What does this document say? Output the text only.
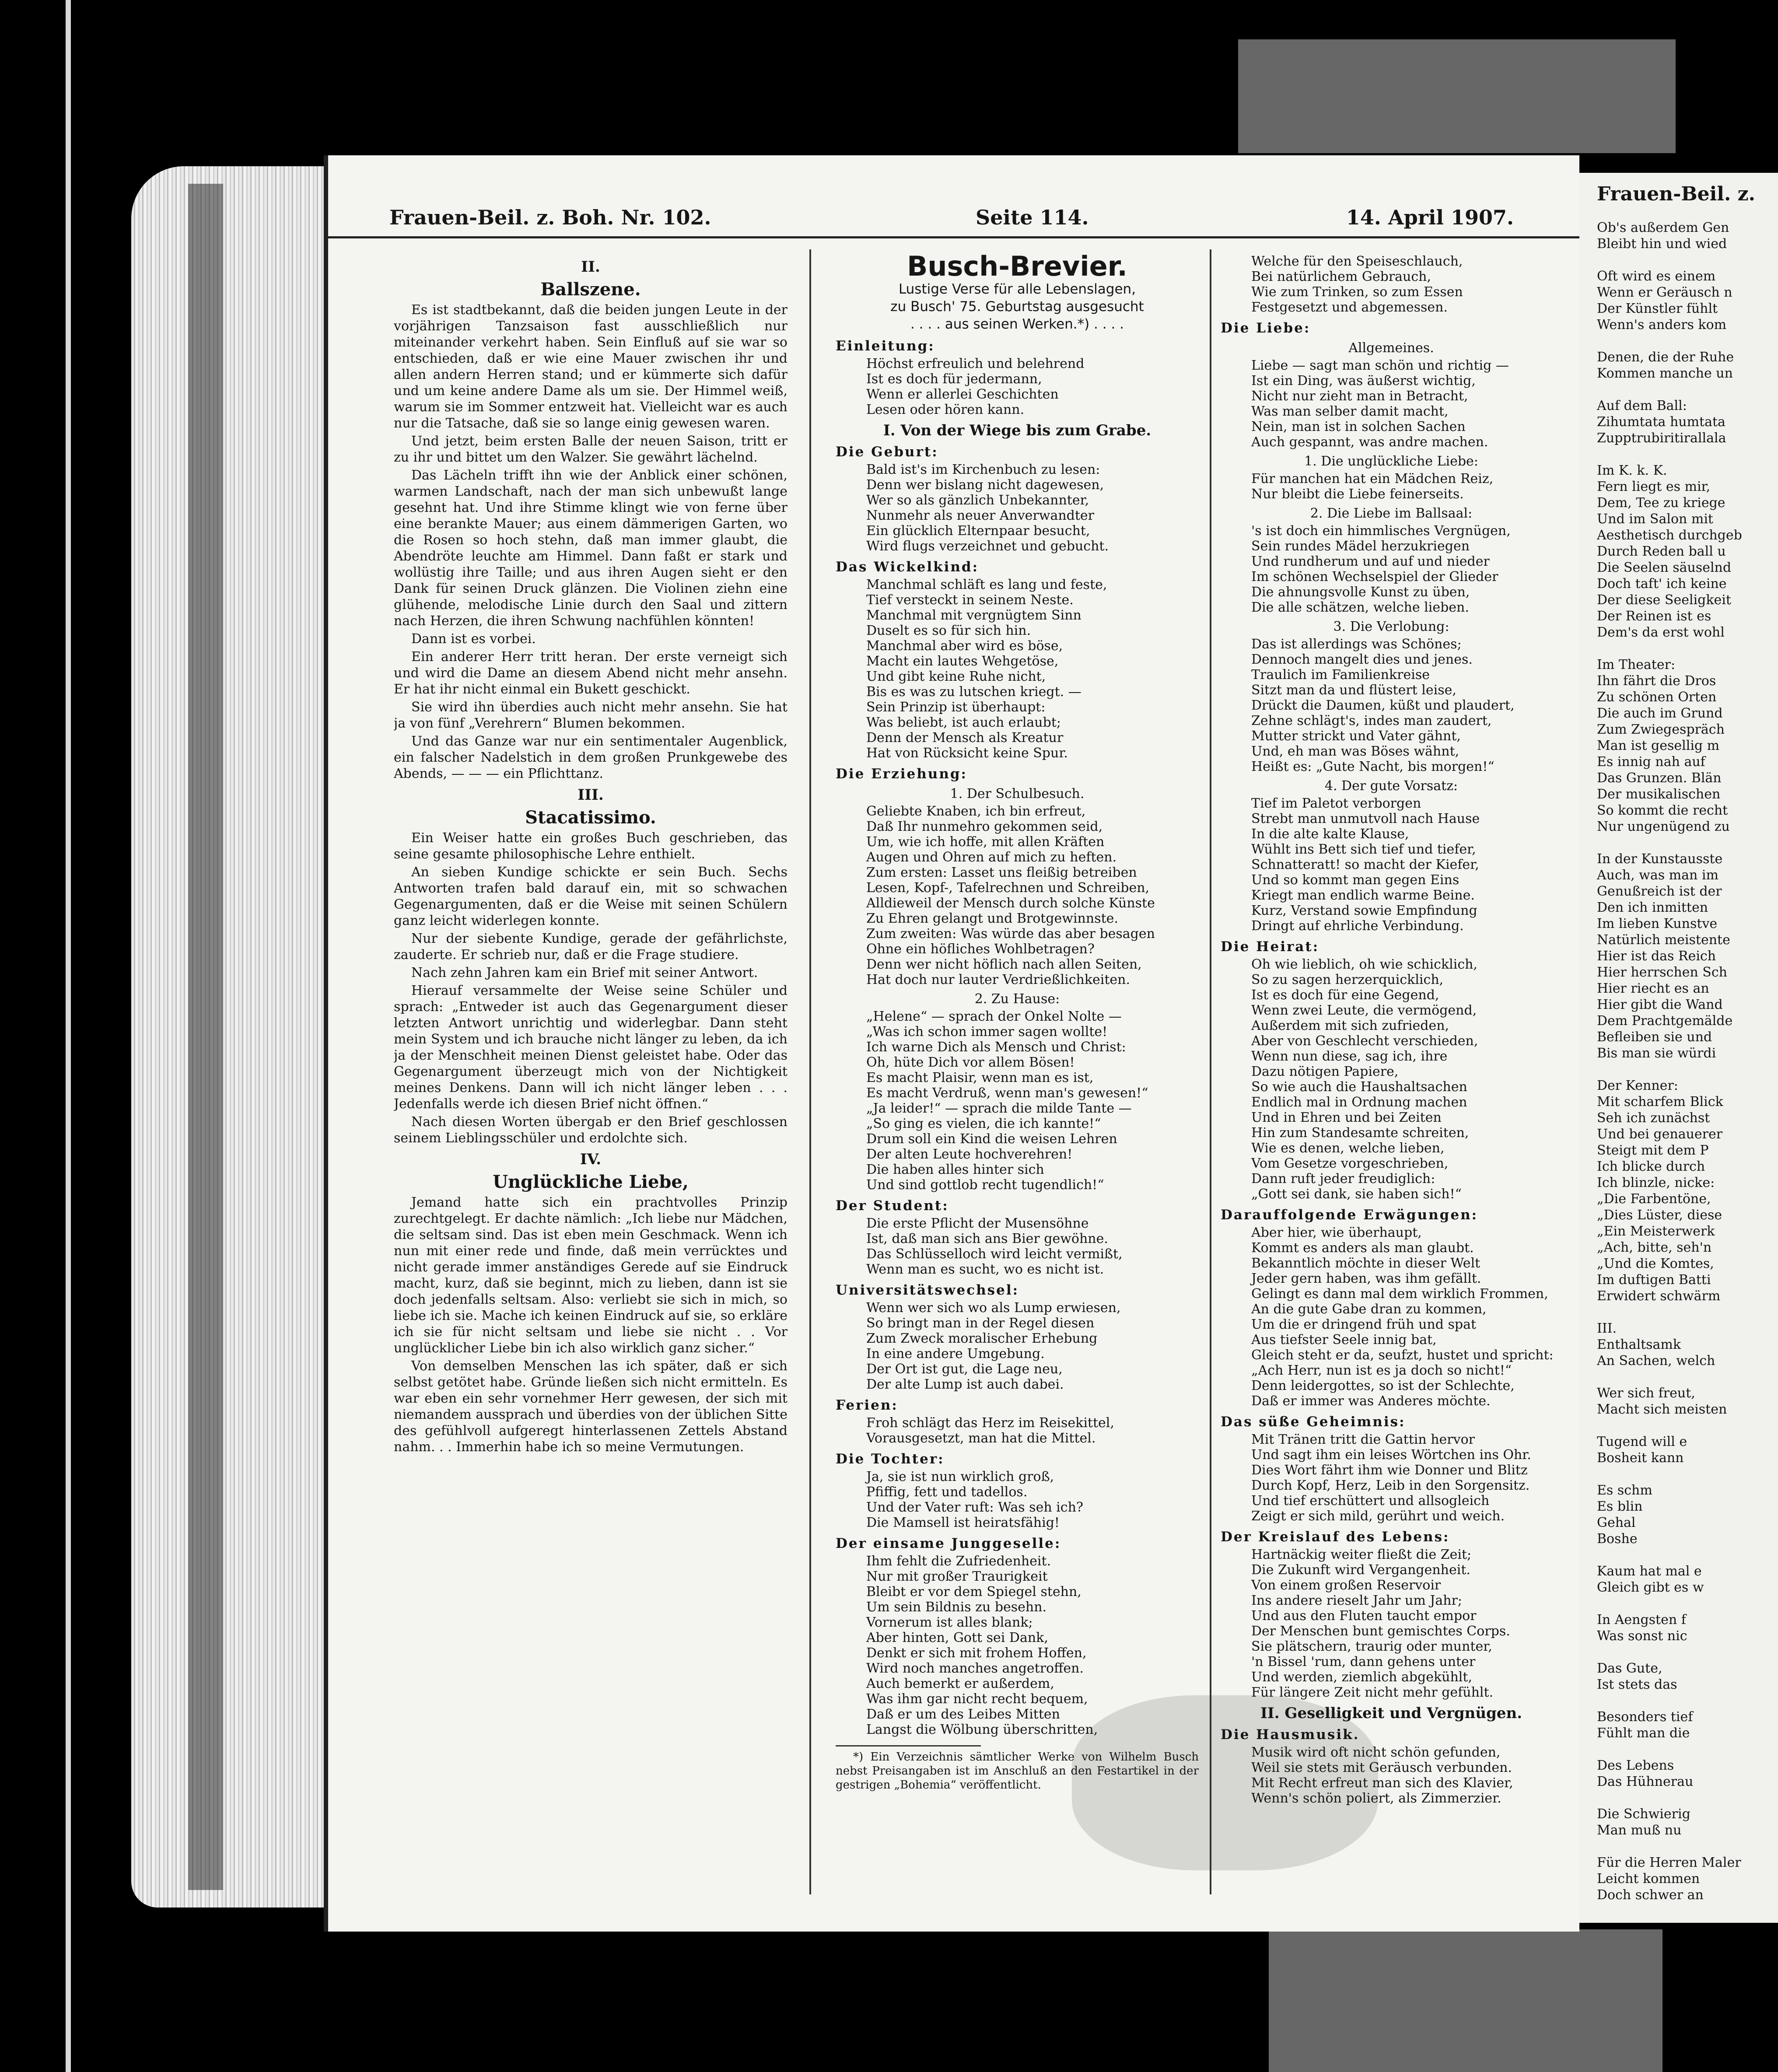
Frauen-Beil. z. Boh. Nr. 102.	Seite 114.	14. April 1907.
II.
Ballszene.

Es ist stadtbekannt, daß die beiden jungen Leute in der vorjährigen Tanzsaison fast ausschließlich nur miteinander verkehrt haben. Sein Einfluß auf sie war so entschieden, daß er wie eine Mauer zwischen ihr und allen andern Herren stand; und er kümmerte sich dafür und um keine andere Dame als um sie. Der Himmel weiß, warum sie im Sommer entzweit hat. Vielleicht war es auch nur die Tatsache, daß sie so lange einig gewesen waren.

Und jetzt, beim ersten Balle der neuen Saison, tritt er zu ihr und bittet um den Walzer. Sie gewährt lächelnd.

Das Lächeln trifft ihn wie der Anblick einer schönen, warmen Landschaft, nach der man sich unbewußt lange gesehnt hat. Und ihre Stimme klingt wie von ferne über eine berankte Mauer; aus einem dämmerigen Garten, wo die Rosen so hoch stehn, daß man immer glaubt, die Abendröte leuchte am Himmel. Dann faßt er stark und wollüstig ihre Taille; und aus ihren Augen sieht er den Dank für seinen Druck glänzen. Die Violinen ziehn eine glühende, melodische Linie durch den Saal und zittern nach Herzen, die ihren Schwung nachfühlen könnten!

Dann ist es vorbei.

Ein anderer Herr tritt heran. Der erste verneigt sich und wird die Dame an diesem Abend nicht mehr ansehn. Er hat ihr nicht einmal ein Bukett geschickt.

Sie wird ihn überdies auch nicht mehr ansehn. Sie hat ja von fünf „Verehrern“ Blumen bekommen.

Und das Ganze war nur ein sentimentaler Augenblick, ein falscher Nadelstich in dem großen Prunkgewebe des Abends, — — — ein Pflichttanz.

III.
Stacatissimo.

Ein Weiser hatte ein großes Buch geschrieben, das seine gesamte philosophische Lehre enthielt.

An sieben Kundige schickte er sein Buch. Sechs Antworten trafen bald darauf ein, mit so schwachen Gegenargumenten, daß er die Weise mit seinen Schülern ganz leicht widerlegen konnte.

Nur der siebente Kundige, gerade der gefährlichste, zauderte. Er schrieb nur, daß er die Frage studiere.

Nach zehn Jahren kam ein Brief mit seiner Antwort.

Hierauf versammelte der Weise seine Schüler und sprach: „Entweder ist auch das Gegenargument dieser letzten Antwort unrichtig und widerlegbar. Dann steht mein System und ich brauche nicht länger zu leben, da ich ja der Menschheit meinen Dienst geleistet habe. Oder das Gegenargument überzeugt mich von der Nichtigkeit meines Denkens. Dann will ich nicht länger leben . . . Jedenfalls werde ich diesen Brief nicht öffnen.“

Nach diesen Worten übergab er den Brief geschlossen seinem Lieblingsschüler und erdolchte sich.

IV.
Unglückliche Liebe,

Jemand hatte sich ein prachtvolles Prinzip zurechtgelegt. Er dachte nämlich: „Ich liebe nur Mädchen, die seltsam sind. Das ist eben mein Geschmack. Wenn ich nun mit einer rede und finde, daß mein verrücktes und nicht gerade immer anständiges Gerede auf sie Eindruck macht, kurz, daß sie beginnt, mich zu lieben, dann ist sie doch jedenfalls seltsam. Also: verliebt sie sich in mich, so liebe ich sie. Mache ich keinen Eindruck auf sie, so erkläre ich sie für nicht seltsam und liebe sie nicht . . Vor unglücklicher Liebe bin ich also wirklich ganz sicher.“

Von demselben Menschen las ich später, daß er sich selbst getötet habe. Gründe ließen sich nicht ermitteln. Es war eben ein sehr vornehmer Herr gewesen, der sich mit niemandem aussprach und überdies von der üblichen Sitte des gefühlvoll aufgeregt hinterlassenen Zettels Abstand nahm. . . Immerhin habe ich so meine Vermutungen.

Busch-Brevier.
Lustige Verse für alle Lebenslagen,
zu Busch' 75. Geburtstag ausgesucht
. . . . aus seinen Werken.*) . . . .
Einleitung:
Höchst erfreulich und belehrend
Ist es doch für jedermann,
Wenn er allerlei Geschichten
Lesen oder hören kann.
I. Von der Wiege bis zum Grabe.
Die Geburt:
Bald ist's im Kirchenbuch zu lesen:
Denn wer bislang nicht dagewesen,
Wer so als gänzlich Unbekannter,
Nunmehr als neuer Anverwandter
Ein glücklich Elternpaar besucht,
Wird flugs verzeichnet und gebucht.
Das Wickelkind:
Manchmal schläft es lang und feste,
Tief versteckt in seinem Neste.
Manchmal mit vergnügtem Sinn
Duselt es so für sich hin.
Manchmal aber wird es böse,
Macht ein lautes Wehgetöse,
Und gibt keine Ruhe nicht,
Bis es was zu lutschen kriegt. —
Sein Prinzip ist überhaupt:
Was beliebt, ist auch erlaubt;
Denn der Mensch als Kreatur
Hat von Rücksicht keine Spur.
Die Erziehung:
1. Der Schulbesuch.
Geliebte Knaben, ich bin erfreut,
Daß Ihr nunmehro gekommen seid,
Um, wie ich hoffe, mit allen Kräften
Augen und Ohren auf mich zu heften.
Zum ersten: Lasset uns fleißig betreiben
Lesen, Kopf-, Tafelrechnen und Schreiben,
Alldieweil der Mensch durch solche Künste
Zu Ehren gelangt und Brotgewinnste.
Zum zweiten: Was würde das aber besagen
Ohne ein höfliches Wohlbetragen?
Denn wer nicht höflich nach allen Seiten,
Hat doch nur lauter Verdrießlichkeiten.
2. Zu Hause:
„Helene“ — sprach der Onkel Nolte —
„Was ich schon immer sagen wollte!
Ich warne Dich als Mensch und Christ:
Oh, hüte Dich vor allem Bösen!
Es macht Plaisir, wenn man es ist,
Es macht Verdruß, wenn man's gewesen!“
„Ja leider!“ — sprach die milde Tante —
„So ging es vielen, die ich kannte!“
Drum soll ein Kind die weisen Lehren
Der alten Leute hochverehren!
Die haben alles hinter sich
Und sind gottlob recht tugendlich!“
Der Student:
Die erste Pflicht der Musensöhne
Ist, daß man sich ans Bier gewöhne.
Das Schlüsselloch wird leicht vermißt,
Wenn man es sucht, wo es nicht ist.
Universitätswechsel:
Wenn wer sich wo als Lump erwiesen,
So bringt man in der Regel diesen
Zum Zweck moralischer Erhebung
In eine andere Umgebung.
Der Ort ist gut, die Lage neu,
Der alte Lump ist auch dabei.
Ferien:
Froh schlägt das Herz im Reisekittel,
Vorausgesetzt, man hat die Mittel.
Die Tochter:
Ja, sie ist nun wirklich groß,
Pfiffig, fett und tadellos.
Und der Vater ruft: Was seh ich?
Die Mamsell ist heiratsfähig!
Der einsame Junggeselle:
Ihm fehlt die Zufriedenheit.
Nur mit großer Traurigkeit
Bleibt er vor dem Spiegel stehn,
Um sein Bildnis zu besehn.
Vornerum ist alles blank;
Aber hinten, Gott sei Dank,
Denkt er sich mit frohem Hoffen,
Wird noch manches angetroffen.
Auch bemerkt er außerdem,
Was ihm gar nicht recht bequem,
Daß er um des Leibes Mitten
Langst die Wölbung überschritten,
*) Ein Verzeichnis sämtlicher Werke von Wilhelm Busch nebst Preisangaben ist im Anschluß an den Festartikel in der gestrigen „Bohemia“ veröffentlicht.
Welche für den Speiseschlauch,
Bei natürlichem Gebrauch,
Wie zum Trinken, so zum Essen
Festgesetzt und abgemessen.
Die Liebe:
Allgemeines.
Liebe — sagt man schön und richtig —
Ist ein Ding, was äußerst wichtig,
Nicht nur zieht man in Betracht,
Was man selber damit macht,
Nein, man ist in solchen Sachen
Auch gespannt, was andre machen.
1. Die unglückliche Liebe:
Für manchen hat ein Mädchen Reiz,
Nur bleibt die Liebe feinerseits.
2. Die Liebe im Ballsaal:
's ist doch ein himmlisches Vergnügen,
Sein rundes Mädel herzukriegen
Und rundherum und auf und nieder
Im schönen Wechselspiel der Glieder
Die ahnungsvolle Kunst zu üben,
Die alle schätzen, welche lieben.
3. Die Verlobung:
Das ist allerdings was Schönes;
Dennoch mangelt dies und jenes.
Traulich im Familienkreise
Sitzt man da und flüstert leise,
Drückt die Daumen, küßt und plaudert,
Zehne schlägt's, indes man zaudert,
Mutter strickt und Vater gähnt,
Und, eh man was Böses wähnt,
Heißt es: „Gute Nacht, bis morgen!“
4. Der gute Vorsatz:
Tief im Paletot verborgen
Strebt man unmutvoll nach Hause
In die alte kalte Klause,
Wühlt ins Bett sich tief und tiefer,
Schnatteratt! so macht der Kiefer,
Und so kommt man gegen Eins
Kriegt man endlich warme Beine.
Kurz, Verstand sowie Empfindung
Dringt auf ehrliche Verbindung.
Die Heirat:
Oh wie lieblich, oh wie schicklich,
So zu sagen herzerquicklich,
Ist es doch für eine Gegend,
Wenn zwei Leute, die vermögend,
Außerdem mit sich zufrieden,
Aber von Geschlecht verschieden,
Wenn nun diese, sag ich, ihre
Dazu nötigen Papiere,
So wie auch die Haushaltsachen
Endlich mal in Ordnung machen
Und in Ehren und bei Zeiten
Hin zum Standesamte schreiten,
Wie es denen, welche lieben,
Vom Gesetze vorgeschrieben,
Dann ruft jeder freudiglich:
„Gott sei dank, sie haben sich!“
Darauffolgende Erwägungen:
Aber hier, wie überhaupt,
Kommt es anders als man glaubt.
Bekanntlich möchte in dieser Welt
Jeder gern haben, was ihm gefällt.
Gelingt es dann mal dem wirklich Frommen,
An die gute Gabe dran zu kommen,
Um die er dringend früh und spat
Aus tiefster Seele innig bat,
Gleich steht er da, seufzt, hustet und spricht:
„Ach Herr, nun ist es ja doch so nicht!“
Denn leidergottes, so ist der Schlechte,
Daß er immer was Anderes möchte.
Das süße Geheimnis:
Mit Tränen tritt die Gattin hervor
Und sagt ihm ein leises Wörtchen ins Ohr.
Dies Wort fährt ihm wie Donner und Blitz
Durch Kopf, Herz, Leib in den Sorgensitz.
Und tief erschüttert und allsogleich
Zeigt er sich mild, gerührt und weich.
Der Kreislauf des Lebens:
Hartnäckig weiter fließt die Zeit;
Die Zukunft wird Vergangenheit.
Von einem großen Reservoir
Ins andere rieselt Jahr um Jahr;
Und aus den Fluten taucht empor
Der Menschen bunt gemischtes Corps.
Sie plätschern, traurig oder munter,
'n Bissel 'rum, dann gehens unter
Und werden, ziemlich abgekühlt,
Für längere Zeit nicht mehr gefühlt.
II. Geselligkeit und Vergnügen.
Die Hausmusik.
Musik wird oft nicht schön gefunden,
Weil sie stets mit Geräusch verbunden.
Mit Recht erfreut man sich des Klavier,
Wenn's schön poliert, als Zimmerzier.
Frauen-Beil. z.
Ob's außerdem Gen
Bleibt hin und wied

Oft wird es einem
Wenn er Geräusch n
Der Künstler fühlt
Wenn's anders kom

Denen, die der Ruhe
Kommen manche un

Auf dem Ball:
Zihumtata humtata
Zupptrubiritirallala

Im K. k. K.
Fern liegt es mir,
Dem, Tee zu kriege
Und im Salon mit
Aesthetisch durchgeb
Durch Reden ball u
Die Seelen säuselnd
Doch taft' ich keine
Der diese Seeligkeit
Der Reinen ist es
Dem's da erst wohl

Im Theater:
Ihn fährt die Dros
Zu schönen Orten
Die auch im Grund
Zum Zwiegespräch
Man ist gesellig m
Es innig nah auf
Das Grunzen. Blän
Der musikalischen
So kommt die recht
Nur ungenügend zu

In der Kunstausste
Auch, was man im
Genußreich ist der
Den ich inmitten
Im lieben Kunstve
Natürlich meistente
Hier ist das Reich
Hier herrschen Sch
Hier riecht es an
Hier gibt die Wand
Dem Prachtgemälde
Befleiben sie und
Bis man sie würdi

Der Kenner:
Mit scharfem Blick
Seh ich zunächst
Und bei genauerer
Steigt mit dem P
Ich blicke durch
Ich blinzle, nicke:
„Die Farbentöne,
„Dies Lüster, diese
„Ein Meisterwerk
„Ach, bitte, seh'n
„Und die Komtes,
Im duftigen Batti
Erwidert schwärm

III.
Enthaltsamk
An Sachen, welch

Wer sich freut,
Macht sich meisten

Tugend will e
Bosheit kann

Es schm
Es blin
Gehal
Boshe

Kaum hat mal e
Gleich gibt es w

In Aengsten f
Was sonst nic

Das Gute,
Ist stets das

Besonders tief
Fühlt man die

Des Lebens
Das Hühnerau

Die Schwierig
Man muß nu

Für die Herren Maler
Leicht kommen
Doch schwer an
